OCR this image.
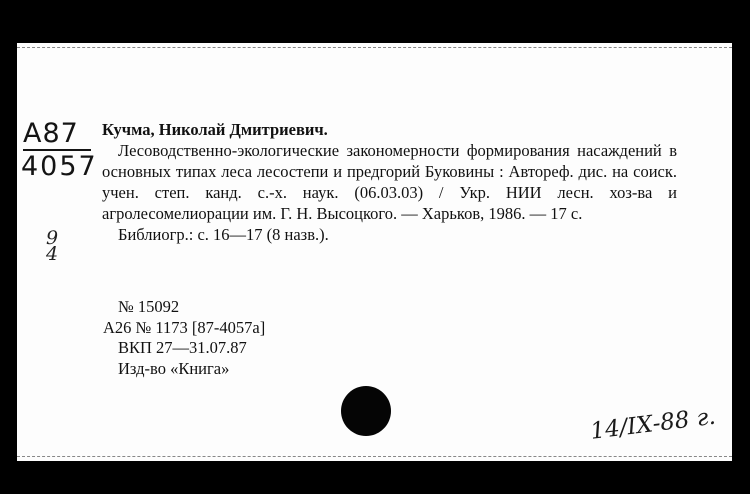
A87
4057
9
4
Кучма, Николай Дмитриевич.
Лесоводственно-экологические закономерности формирования насаждений в основных типах леса лесостепи и предгорий Буковины : Автореф. дис. на соиск. учен. степ. канд. с.-х. наук. (06.03.03) / Укр. НИИ лесн. хоз-ва и агролесомелиорации им. Г. Н. Высоцкого. — Харьков, 1986. — 17 с.
Библиогр.: с. 16—17 (8 назв.).
№ 15092
А26 № 1173 [87-4057а]
ВКП 27—31.07.87
Изд-во «Книга»
14/ІХ-88 г.
